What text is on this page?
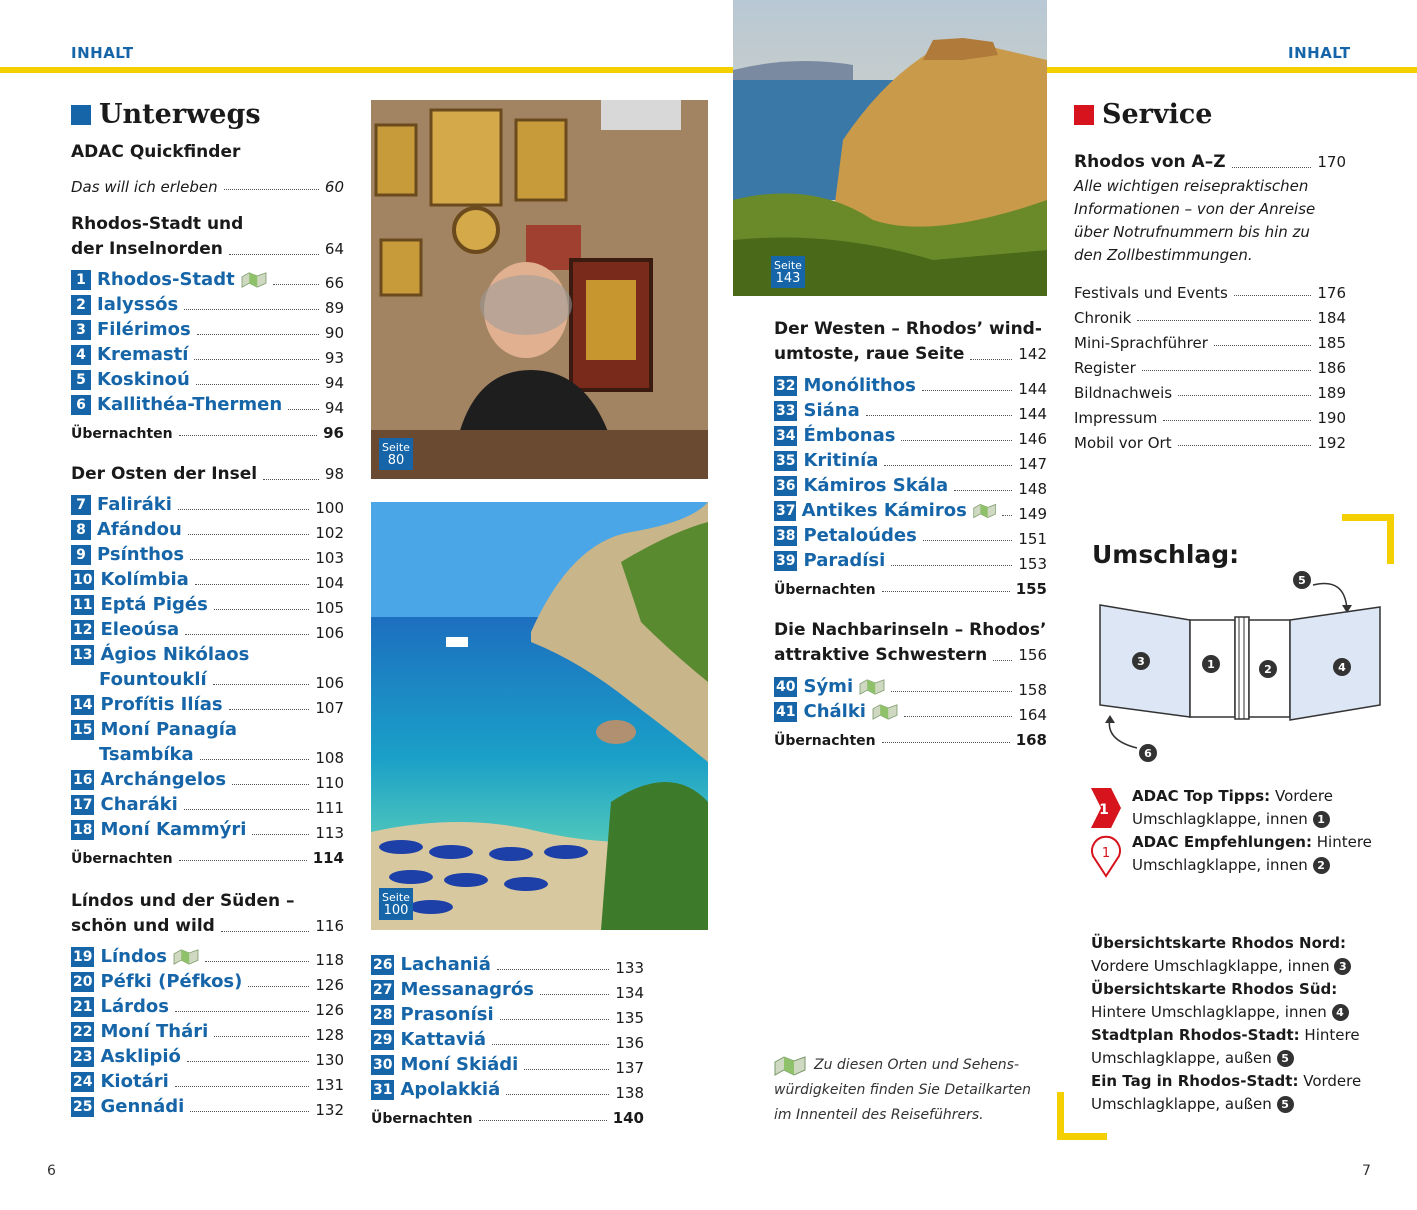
INHALT	INHALT
Unterwegs
ADAC Quickfinder
Das will ich erleben	60
Rhodos-Stadt und
der Inselnorden	64
1 Rhodos-Stadt	66
2 Ialyssós	89
3 Filérimos	90
4 Kremastí	93
5 Koskinoú	94
6 Kallithéa-Thermen	94
Übernachten	96
Der Osten der Insel	98
7 Faliráki	100
8 Afándou	102
9 Psínthos	103
10 Kolímbia	104
11 Eptá Pigés	105
12 Eleoúsa	106
13 Ágios Nikólaos
Fountouklí	106
14 Profítis Ilías	107
15 Moní Panagía
Tsambíka	108
16 Archángelos	110
17 Charáki	111
18 Moní Kammýri	113
Übernachten	114
Líndos und der Süden –
schön und wild	116
19 Líndos	118
20 Péfki (Péfkos)	126
21 Lárdos	126
22 Moní Thári	128
23 Asklipió	130
24 Kiotári	131
25 Gennádi	132
Seite
80
Seite
100
26 Lachaniá	133
27 Messanagrós	134
28 Prasonísi	135
29 Kattaviá	136
30 Moní Skiádi	137
31 Apolakkiá	138
Übernachten	140
Seite
143
Der Westen – Rhodos’ wind-
umtoste, raue Seite	142
32 Monólithos	144
33 Siána	144
34 Émbonas	146
35 Kritinía	147
36 Kámiros Skála	148
37 Antikes Kámiros	149
38 Petaloúdes	151
39 Paradísi	153
Übernachten	155
Die Nachbarinseln – Rhodos’
attraktive Schwestern 156
40 Sými	158
41 Chálki	164
Übernachten	168
Zu diesen Orten und Sehens-
würdigkeiten finden Sie Detailkarten
im Innenteil des Reiseführers.
Service
Rhodos von A–Z	170
Alle wichtigen reisepraktischen
Informationen – von der Anreise
über Notrufnummern bis hin zu
den Zollbestimmungen.
Festivals und Events	176
Chronik	184
Mini-Sprachführer	185
Register	186
Bildnachweis	189
Impressum	190
Mobil vor Ort	192
Umschlag:
5
3	1	2	4
6
1
ADAC Top Tipps: Vordere
Umschlagklappe, innen 1
1
ADAC Empfehlungen: Hintere
Umschlagklappe, innen 2
Übersichtskarte Rhodos Nord:
Vordere Umschlagklappe, innen 3
Übersichtskarte Rhodos Süd:
Hintere Umschlagklappe, innen 4
Stadtplan Rhodos-Stadt: Hintere
Umschlagklappe, außen 5
Ein Tag in Rhodos-Stadt: Vordere
Umschlagklappe, außen 5
6	7
